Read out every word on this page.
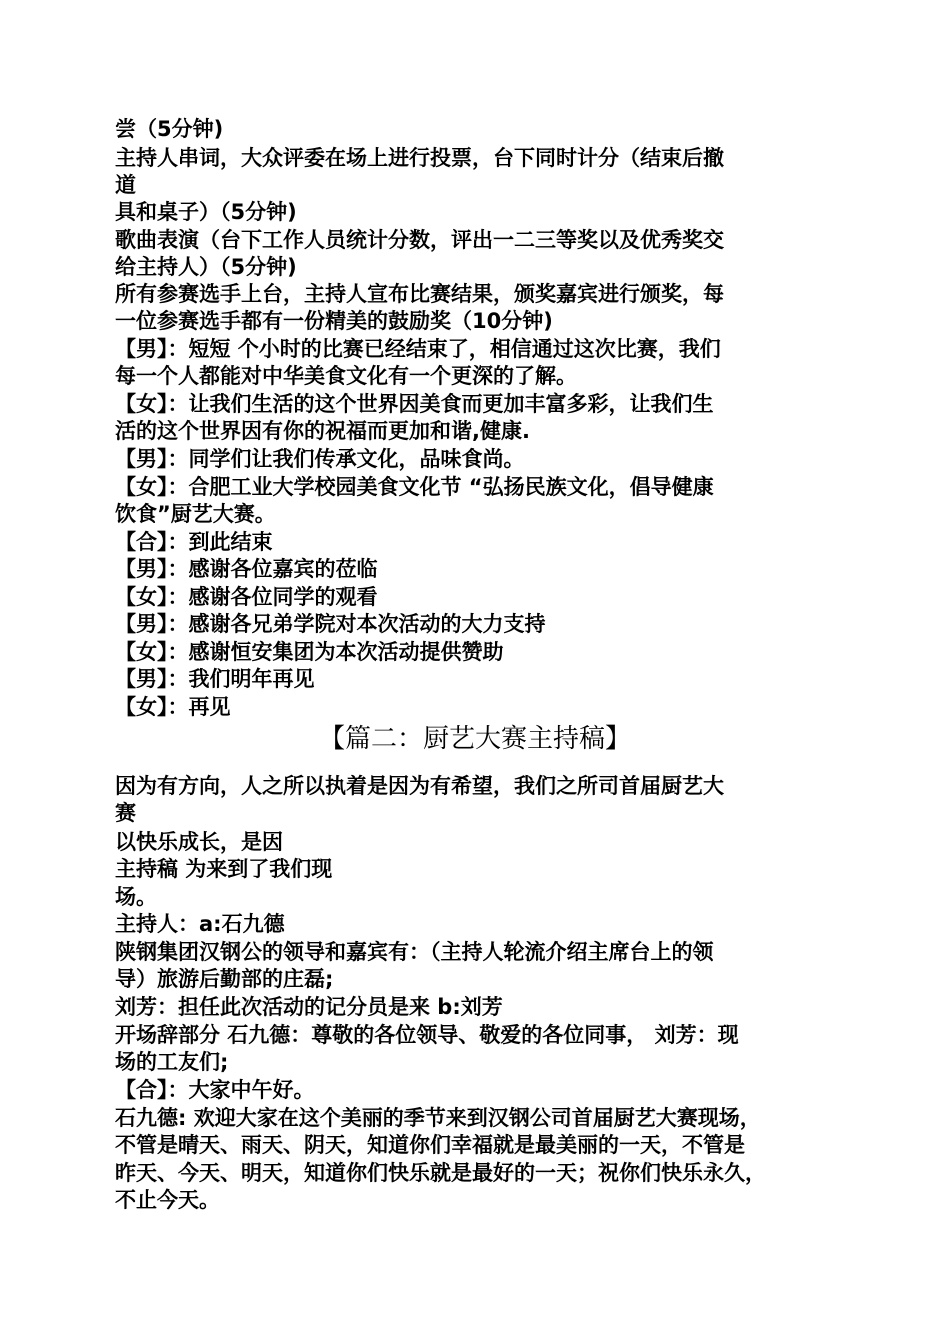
尝（5分钟)
主持人串词，大众评委在场上进行投票，台下同时计分（结束后撤
道
具和桌子）（5分钟)
歌曲表演（台下工作人员统计分数，评出一二三等奖以及优秀奖交
给主持人）（5分钟)
所有参赛选手上台，主持人宣布比赛结果，颁奖嘉宾进行颁奖，每
一位参赛选手都有一份精美的鼓励奖（10分钟)
【男】：短短 个小时的比赛已经结束了，相信通过这次比赛，我们
每一个人都能对中华美食文化有一个更深的了解。
【女】：让我们生活的这个世界因美食而更加丰富多彩，让我们生
活的这个世界因有你的祝福而更加和谐,健康.
【男】：同学们让我们传承文化，品味食尚。
【女】：合肥工业大学校园美食文化节 “弘扬民族文化，倡导健康
饮食”厨艺大赛。
【合】：到此结束
【男】：感谢各位嘉宾的莅临
【女】：感谢各位同学的观看
【男】：感谢各兄弟学院对本次活动的大力支持
【女】：感谢恒安集团为本次活动提供赞助
【男】：我们明年再见
【女】：再见
【篇二：厨艺大赛主持稿】
因为有方向，人之所以执着是因为有希望，我们之所司首届厨艺大
赛
以快乐成长，是因
主持稿 为来到了我们现
场。
主持人：a:石九德
陕钢集团汉钢公的领导和嘉宾有：（主持人轮流介绍主席台上的领
导）旅游后勤部的庄磊;
刘芳：担任此次活动的记分员是来 b:刘芳
开场辞部分 石九德：尊敬的各位领导、敬爱的各位同事， 刘芳：现
场的工友们;
【合】：大家中午好。
石九德: 欢迎大家在这个美丽的季节来到汉钢公司首届厨艺大赛现场，
不管是晴天、雨天、阴天，知道你们幸福就是最美丽的一天，不管是
昨天、今天、明天，知道你们快乐就是最好的一天；祝你们快乐永久，
不止今天。
